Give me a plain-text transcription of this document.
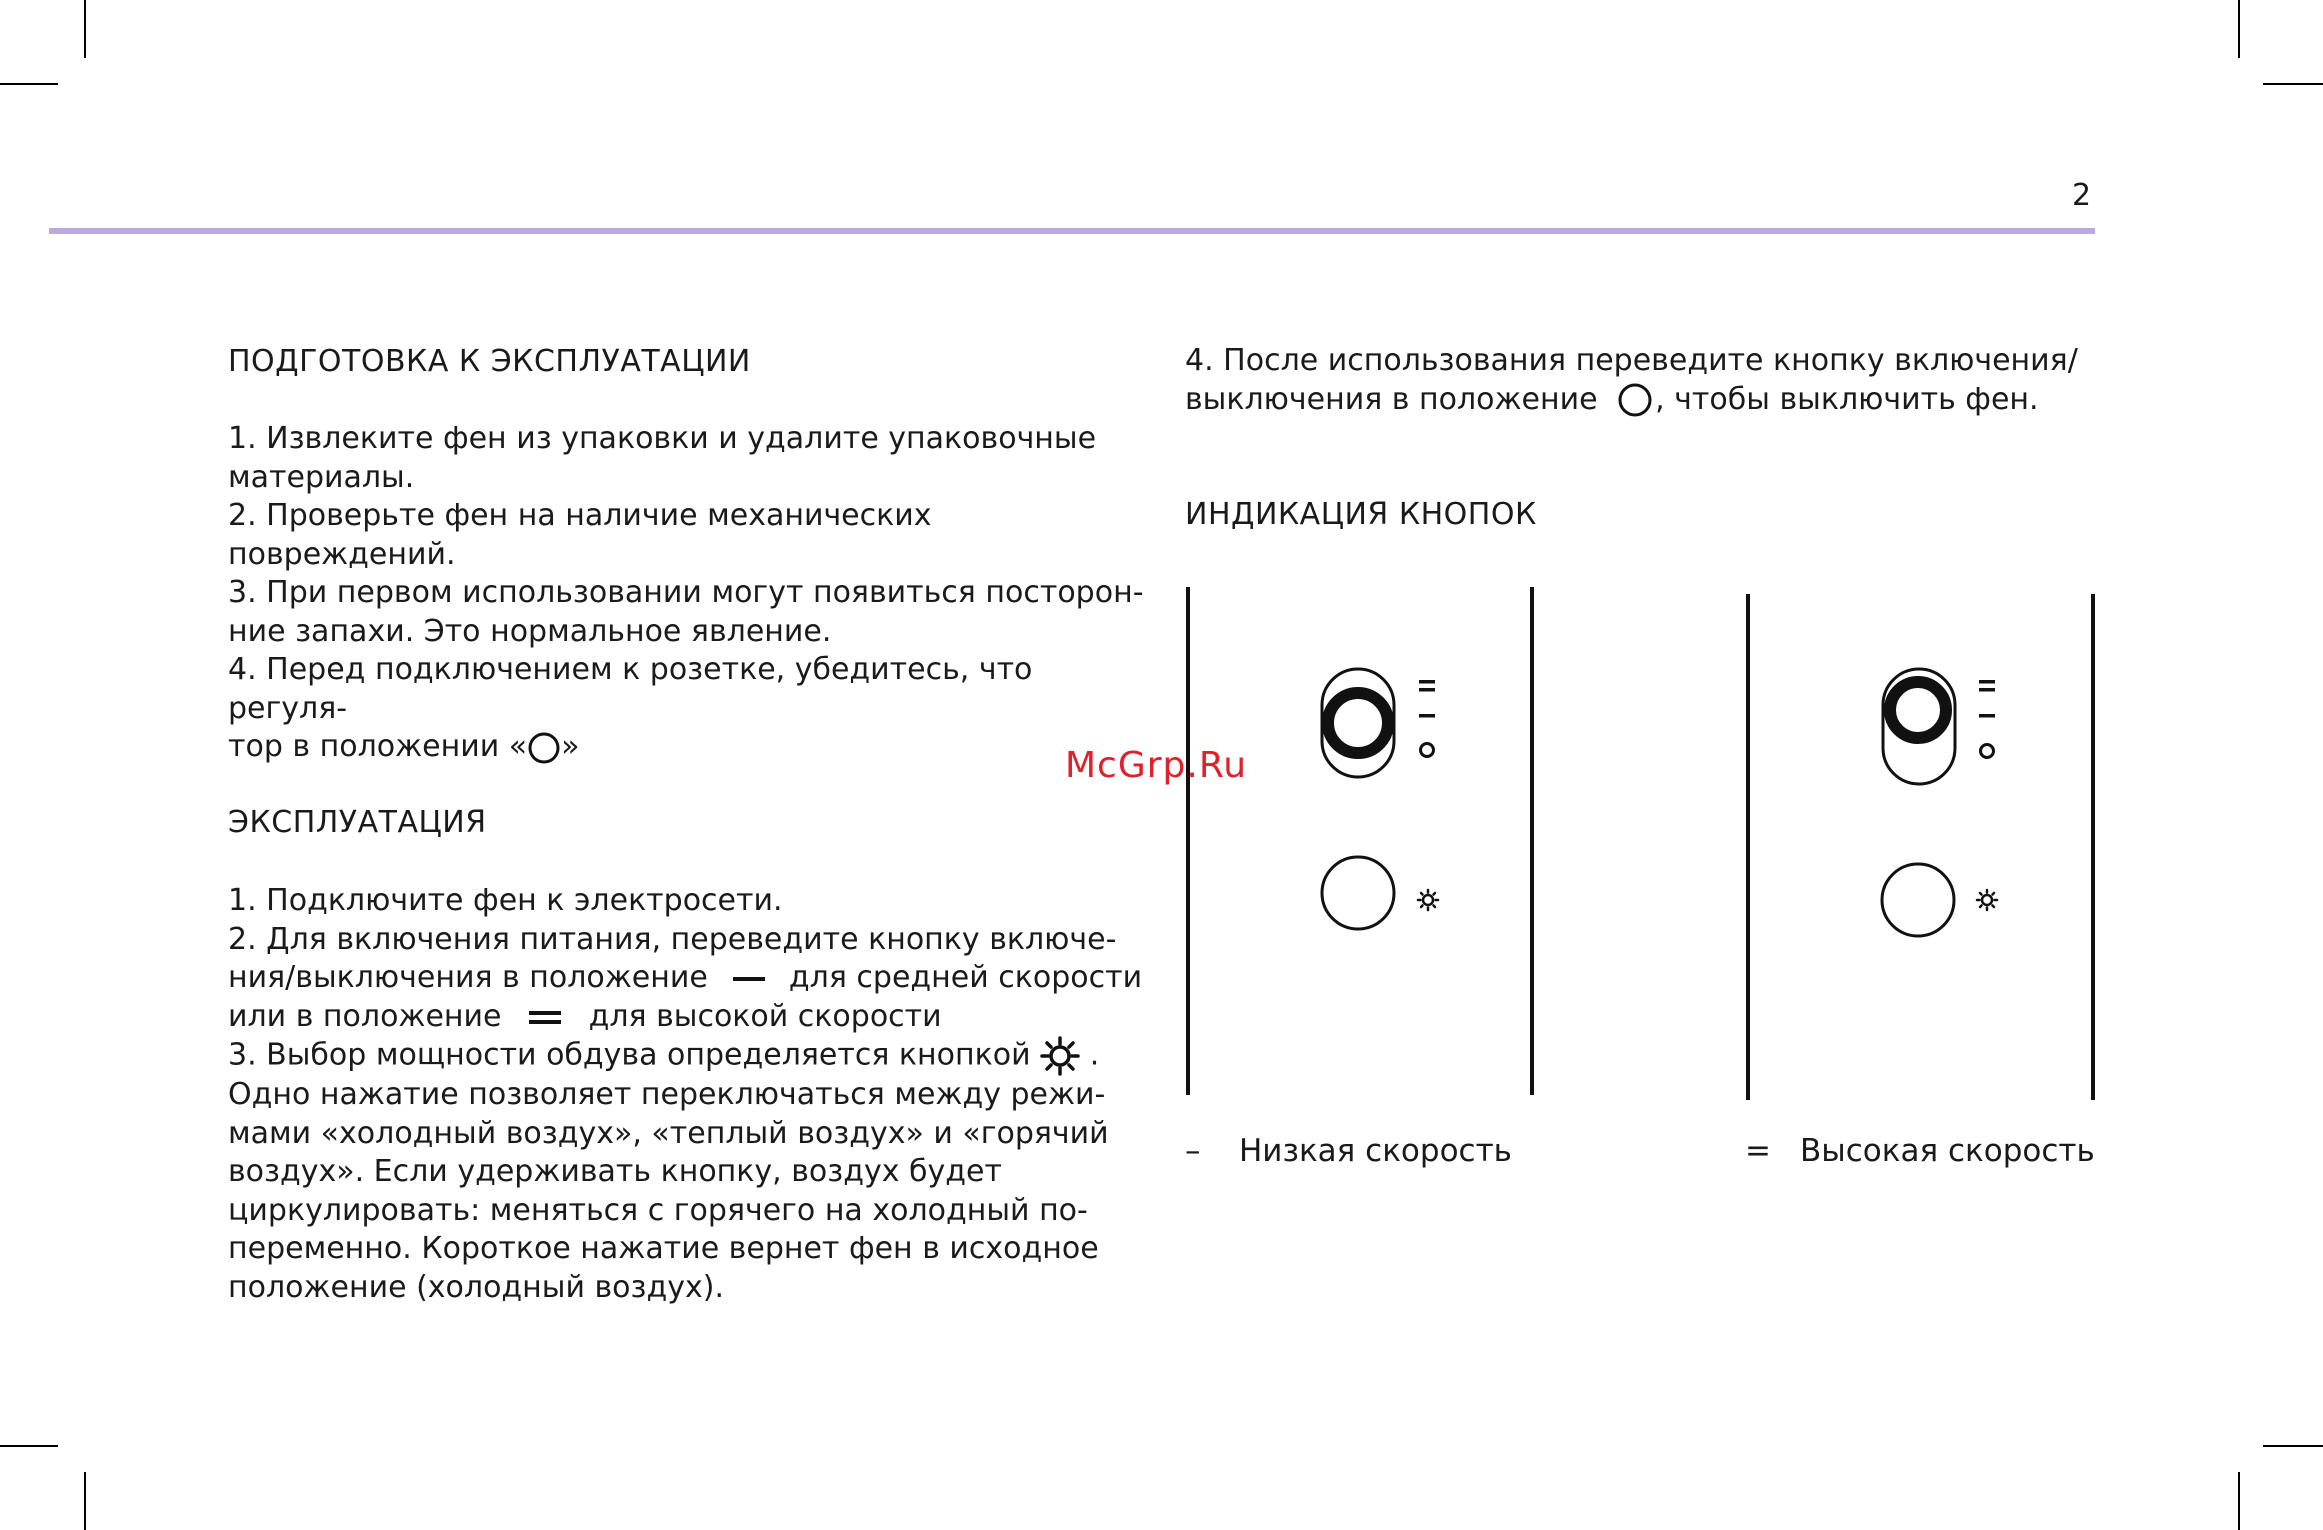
2
ПОДГОТОВКА К ЭКСПЛУАТАЦИИ

1. Извлеките фен из упаковки и удалите упаковочные

материалы.

2. Проверьте фен на наличие механических повреждений.

3. При первом использовании могут появиться посторон-

ние запахи. Это нормальное явление.

4. Перед подключением к розетке, убедитесь, что регуля-

тор в положении « »

ЭКСПЛУАТАЦИЯ

1. Подключите фен к электросети.

2. Для включения питания, переведите кнопку включе-

ния/выключения в положение	для средней скорости

или в положение	для высокой скорости

3. Выбор мощности обдува определяется кнопкой .

Одно нажатие позволяет переключаться между режи-

мами «холодный воздух», «теплый воздух» и «горячий

воздух». Если удерживать кнопку, воздух будет

циркулировать: меняться с горячего на холодный по-

переменно. Короткое нажатие вернет фен в исходное

положение (холодный воздух).

4. После использования переведите кнопку включения/

выключения в положение , чтобы выключить фен.

ИНДИКАЦИЯ КНОПОК
– Низкая скорость	= Высокая скорость
McGrp.Ru
